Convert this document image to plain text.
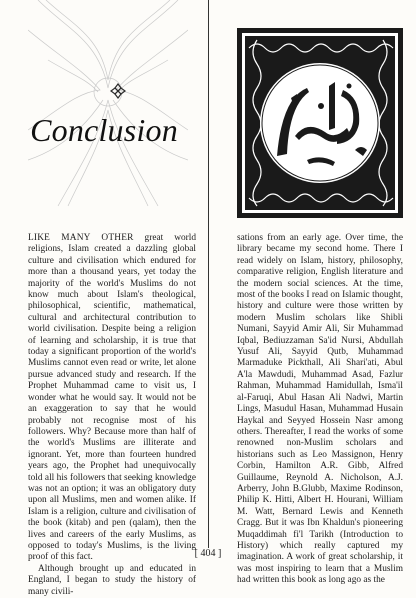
Conclusion

LIKE MANY OTHER great world religions, Islam created a dazzling global culture and civilisation which endured for more than a thousand years, yet today the majority of the world's Muslims do not know much about Islam's theological, philosophical, scientific, mathematical, cultural and architectural contribution to world civilisation. Despite being a religion of learning and scholarship, it is true that today a significant proportion of the world's Muslims cannot even read or write, let alone pursue advanced study and research. If the Prophet Muhammad came to visit us, I wonder what he would say. It would not be an exaggeration to say that he would probably not recognise most of his followers. Why? Because more than half of the world's Muslims are illiterate and ignorant. Yet, more than fourteen hundred years ago, the Prophet had unequivocally told all his followers that seeking knowledge was not an option; it was an obligatory duty upon all Muslims, men and women alike. If Islam is a religion, culture and civilisation of the book (kitab) and pen (qalam), then the lives and careers of the early Muslims, as opposed to today's Muslims, is the living proof of this fact.

Although brought up and educated in England, I began to study the history of many civili-

sations from an early age. Over time, the library became my second home. There I read widely on Islam, history, philosophy, comparative religion, English literature and the modern social sciences. At the time, most of the books I read on Islamic thought, history and culture were those written by modern Muslim scholars like Shibli Numani, Sayyid Amir Ali, Sir Muhammad Iqbal, Bediuzzaman Sa'id Nursi, Abdullah Yusuf Ali, Sayyid Qutb, Muhammad Marmaduke Pickthall, Ali Shari'ati, Abul A'la Mawdudi, Muhammad Asad, Fazlur Rahman, Muhammad Hamidullah, Isma'il al-Faruqi, Abul Hasan Ali Nadwi, Martin Lings, Masudul Hasan, Muhammad Husain Haykal and Seyyed Hossein Nasr among others. Thereafter, I read the works of some renowned non-Muslim scholars and historians such as Leo Massignon, Henry Corbin, Hamilton A.R. Gibb, Alfred Guillaume, Reynold A. Nicholson, A.J. Arberry, John B.Glubb, Maxime Rodinson, Philip K. Hitti, Albert H. Hourani, William M. Watt, Bernard Lewis and Kenneth Cragg. But it was Ibn Khaldun's pioneering Muqaddimah fi'l Tarikh (Introduction to History) which really captured my imagination. A work of great scholarship, it was most inspiring to learn that a Muslim had written this book as long ago as the

[ 404 ]
